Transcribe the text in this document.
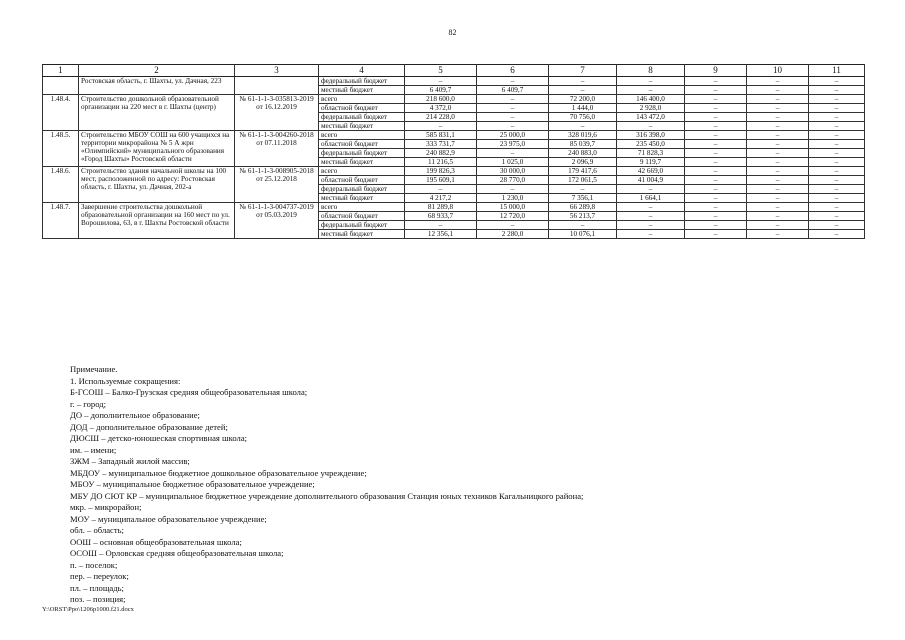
82
1	2	3	4	5	6	7	8	9	10	11
	Ростовская область, г. Шахты, ул. Дачная, 223		федеральный бюджет	–	–	–	–	–	–	–
			местный бюджет	6 409,7	6 409,7	–	–	–	–	–
1.48.4.	Строительство дошкольной образовательной организации на 220 мест в г. Шахты (центр)	№ 61-1-1-3-035813-2019 от 16.12.2019	всего	218 600,0	–	72 200,0	146 400,0	–	–	–
			областной бюджет	4 372,0	–	1 444,0	2 928,0	–	–	–
			федеральный бюджет	214 228,0	–	70 756,0	143 472,0	–	–	–
			местный бюджет	–	–	–	–	–	–	–
1.48.5.	Строительство МБОУ СОШ на 600 учащихся на территории микрорайона № 5 А жрн «Олимпийский» муниципального образования «Город Шахты» Ростовской области	№ 61-1-1-3-004260-2018 от 07.11.2018	всего	585 831,1	25 000,0	328 019,6	316 398,0	–	–	–
			областной бюджет	333 731,7	23 975,0	85 039,7	235 450,0	–	–	–
			федеральный бюджет	240 882,9	–	240 883,0	71 828,3	–	–	–
			местный бюджет	11 216,5	1 025,0	2 096,9	9 119,7	–	–	–
1.48.6.	Строительство здания начальной школы на 100 мест, расположенной по адресу: Ростовская область, г. Шахты, ул. Дачная, 202-а	№ 61-1-1-3-008905-2018 от 25.12.2018	всего	199 826,3	30 000,0	179 417,6	42 669,0	–	–	–
			областной бюджет	195 609,1	28 770,0	172 061,5	41 004,9	–	–	–
			федеральный бюджет	–	–	–	–	–	–	–
			местный бюджет	4 217,2	1 230,0	7 356,1	1 664,1	–	–	–
1.48.7.	Завершение строительства дошкольной образовательной организации на 160 мест по ул. Ворошилова, 63, в г. Шахты Ростовской области	№ 61-1-1-3-004737-2019 от 05.03.2019	всего	81 289,8	15 000,0	66 289,8	–	–	–	–
			областной бюджет	68 933,7	12 720,0	56 213,7	–	–	–	–
			федеральный бюджет	–	–	–	–	–	–	–
			местный бюджет	12 356,1	2 280,0	10 076,1	–	–	–	–
Примечание.
1. Используемые сокращения:
Б-ГСОШ – Балко-Грузская средняя общеобразовательная школа;
г. – город;
ДО – дополнительное образование;
ДОД – дополнительное образование детей;
ДЮСШ – детско-юношеская спортивная школа;
им. – имени;
ЗЖМ – Западный жилой массив;
МБДОУ – муниципальное бюджетное дошкольное образовательное учреждение;
МБОУ – муниципальное бюджетное образовательное учреждение;
МБУ ДО СЮТ КР – муниципальное бюджетное учреждение дополнительного образования Станция юных техников Кагальницкого района;
мкр. – микрорайон;
МОУ – муниципальное образовательное учреждение;
обл. – область;
ООШ – основная общеобразовательная школа;
ОСОШ – Орловская средняя общеобразовательная школа;
п. – поселок;
пер. – переулок;
пл. – площадь;
поз. – позиция;
Y:\ORST\Ppo\1206p1000.f21.docx
